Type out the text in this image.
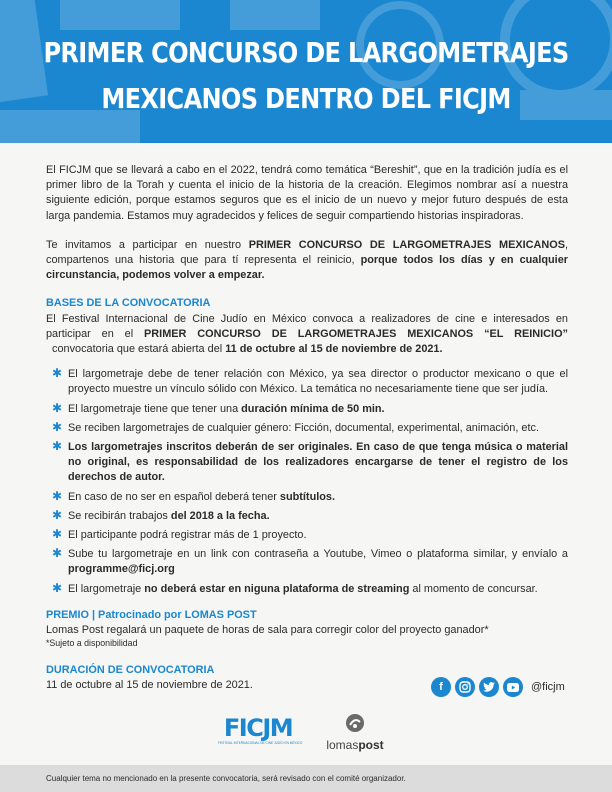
PRIMER CONCURSO DE LARGOMETRAJES
MEXICANOS DENTRO DEL FICJM

El FICJM que se llevará a cabo en el 2022, tendrá como temática “Bereshit”, que en la tradición judía es el primer libro de la Torah y cuenta el inicio de la historia de la creación. Elegimos nombrar así a nuestra siguiente edición, porque estamos seguros que es el inicio de un nuevo y mejor futuro después de esta larga pandemia. Estamos muy agradecidos y felices de seguir compartiendo historias inspiradoras.

Te invitamos a participar en nuestro PRIMER CONCURSO DE LARGOMETRAJES MEXICANOS, compartenos una historia que para tí representa el reinicio, porque todos los días y en cualquier circunstancia, podemos volver a empezar.

BASES DE LA CONVOCATORIA

El Festival Internacional de Cine Judío en México convoca a realizadores de cine e interesados en participar en el PRIMER CONCURSO DE LARGOMETRAJES MEXICANOS “EL REINICIO”  convocatoria que estará abierta del 11 de octubre al 15 de noviembre de 2021.

✱ El largometraje debe de tener relación con México, ya sea director o productor mexicano o que el proyecto muestre un vínculo sólido con México. La temática no necesariamente tiene que ser judía.
✱ El largometraje tiene que tener una duración mínima de 50 min.
✱ Se reciben largometrajes de cualquier género: Ficción, documental, experimental, animación, etc.
✱ Los largometrajes inscritos deberán de ser originales. En caso de que tenga música o material no original, es responsabilidad de los realizadores encargarse de tener el registro de los derechos de autor.
✱ En caso de no ser en español deberá tener subtítulos.
✱ Se recibirán trabajos del 2018 a la fecha.
✱ El participante podrá registrar más de 1 proyecto.
✱ Sube tu largometraje en un link con contraseña a Youtube, Vimeo o plataforma similar, y envíalo a programme@ficj.org
✱ El largometraje no deberá estar en niguna plataforma de streaming al momento de concursar.
PREMIO | Patrocinado por LOMAS POST

Lomas Post regalará un paquete de horas de sala para corregir color del proyecto ganador*

*Sujeto a disponibilidad

DURACIÓN DE CONVOCATORIA

11 de octubre al 15 de noviembre de 2021.	f	@ficjm
FICJM
FESTIVAL INTERNACIONAL DE CINE JUDÍO EN MÉXICO	lomaspost
Cualquier tema no mencionado en la presente convocatoria, será revisado con el comité organizador.
